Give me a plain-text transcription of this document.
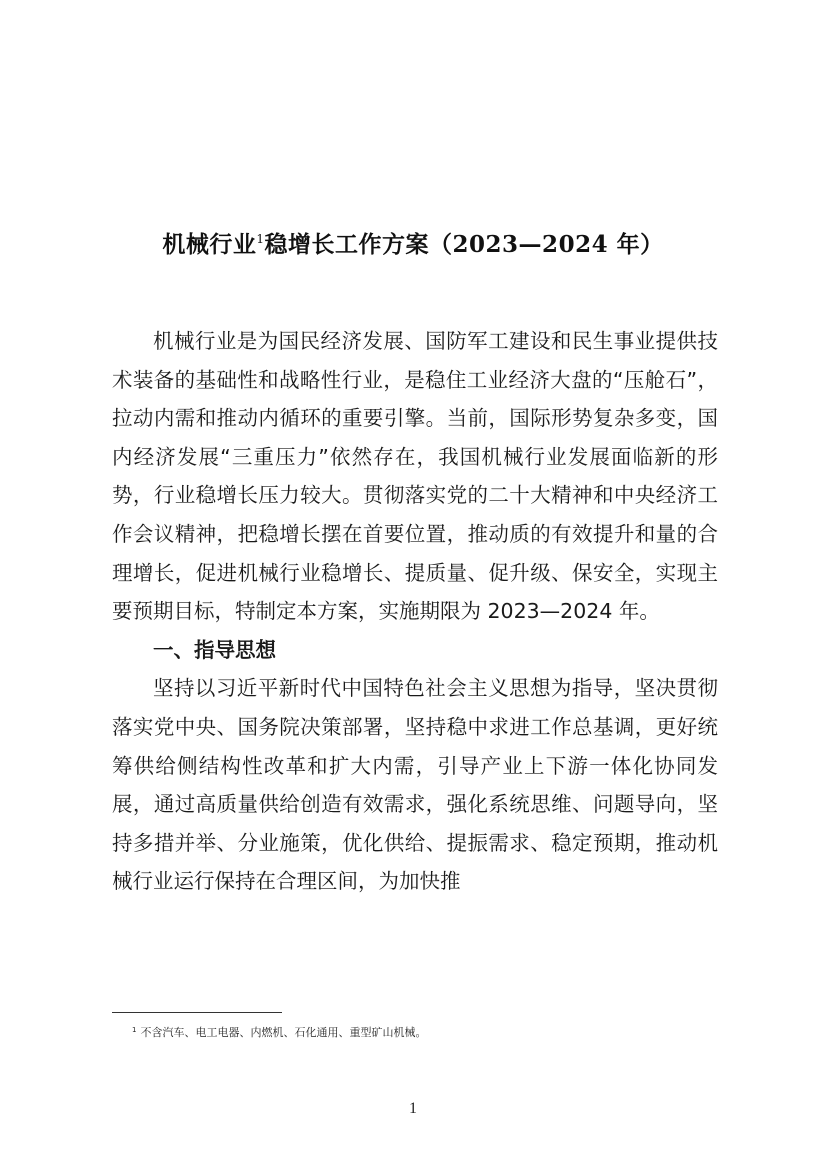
机械行业$^1$稳增长工作方案（2023—2024 年）

机械行业是为国民经济发展、国防军工建设和民生事业提供技术装备的基础性和战略性行业，是稳住工业经济大盘的“压舱石”，拉动内需和推动内循环的重要引擎。当前，国际形势复杂多变，国内经济发展“三重压力”依然存在，我国机械行业发展面临新的形势，行业稳增长压力较大。贯彻落实党的二十大精神和中央经济工作会议精神，把稳增长摆在首要位置，推动质的有效提升和量的合理增长，促进机械行业稳增长、提质量、促升级、保安全，实现主要预期目标，特制定本方案，实施期限为 2023—2024 年。

一、指导思想

坚持以习近平新时代中国特色社会主义思想为指导，坚决贯彻落实党中央、国务院决策部署，坚持稳中求进工作总基调，更好统筹供给侧结构性改革和扩大内需，引导产业上下游一体化协同发展，通过高质量供给创造有效需求，强化系统思维、问题导向，坚持多措并举、分业施策，优化供给、提振需求、稳定预期，推动机械行业运行保持在合理区间，为加快推

$^1$ 不含汽车、电工电器、内燃机、石化通用、重型矿山机械。
1
